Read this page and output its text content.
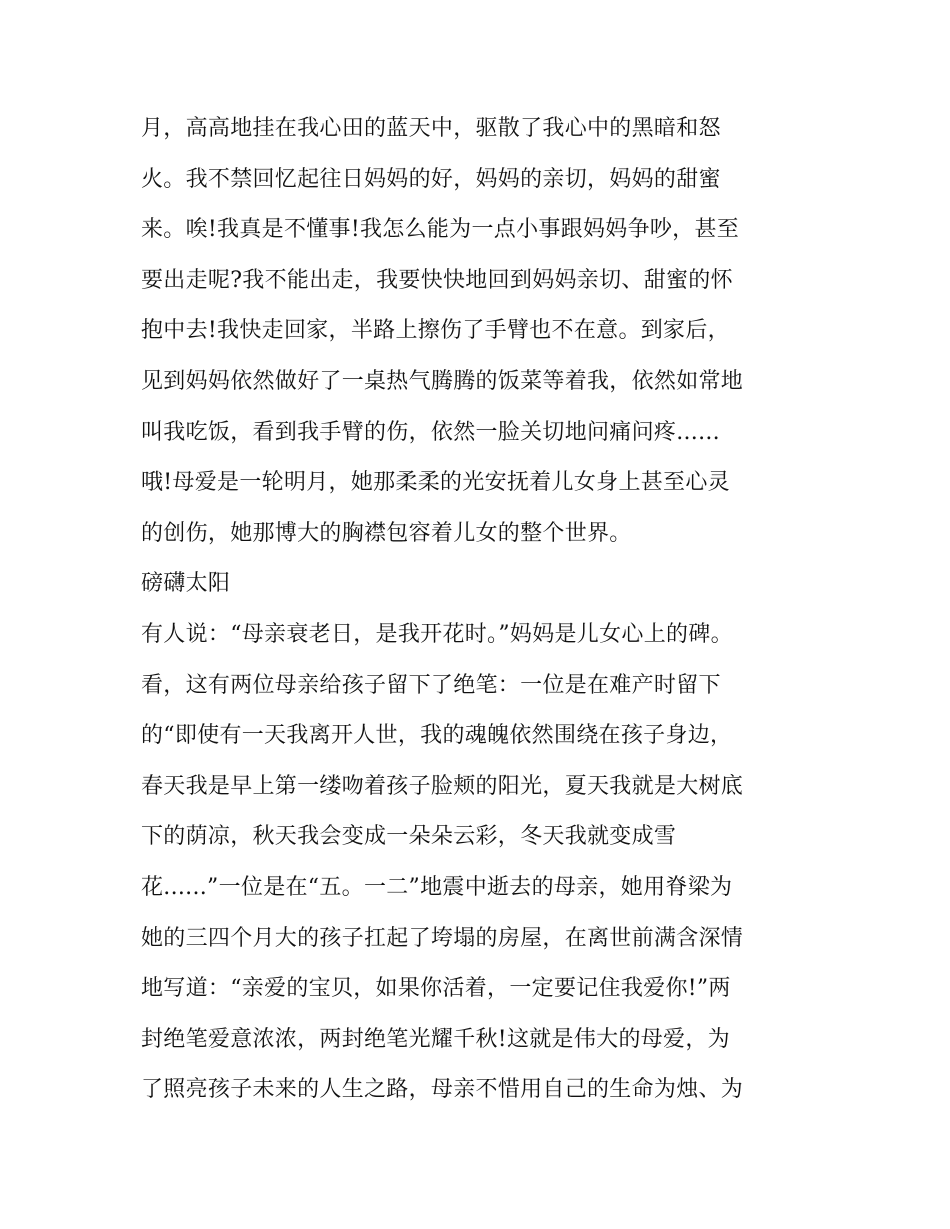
月，高高地挂在我心田的蓝天中，驱散了我心中的黑暗和怒
火。我不禁回忆起往日妈妈的好，妈妈的亲切，妈妈的甜蜜
来。唉!我真是不懂事!我怎么能为一点小事跟妈妈争吵，甚至
要出走呢?我不能出走，我要快快地回到妈妈亲切、甜蜜的怀
抱中去!我快走回家，半路上擦伤了手臂也不在意。到家后，
见到妈妈依然做好了一桌热气腾腾的饭菜等着我，依然如常地
叫我吃饭，看到我手臂的伤，依然一脸关切地问痛问疼......
哦!母爱是一轮明月，她那柔柔的光安抚着儿女身上甚至心灵
的创伤，她那博大的胸襟包容着儿女的整个世界。
磅礴太阳
有人说：“母亲衰老日，是我开花时。”妈妈是儿女心上的碑。
看，这有两位母亲给孩子留下了绝笔：一位是在难产时留下
的“即使有一天我离开人世，我的魂魄依然围绕在孩子身边，
春天我是早上第一缕吻着孩子脸颊的阳光，夏天我就是大树底
下的荫凉，秋天我会变成一朵朵云彩，冬天我就变成雪
花......”一位是在“五。一二”地震中逝去的母亲，她用脊梁为
她的三四个月大的孩子扛起了垮塌的房屋，在离世前满含深情
地写道：“亲爱的宝贝，如果你活着，一定要记住我爱你!”两
封绝笔爱意浓浓，两封绝笔光耀千秋!这就是伟大的母爱，为
了照亮孩子未来的人生之路，母亲不惜用自己的生命为烛、为
